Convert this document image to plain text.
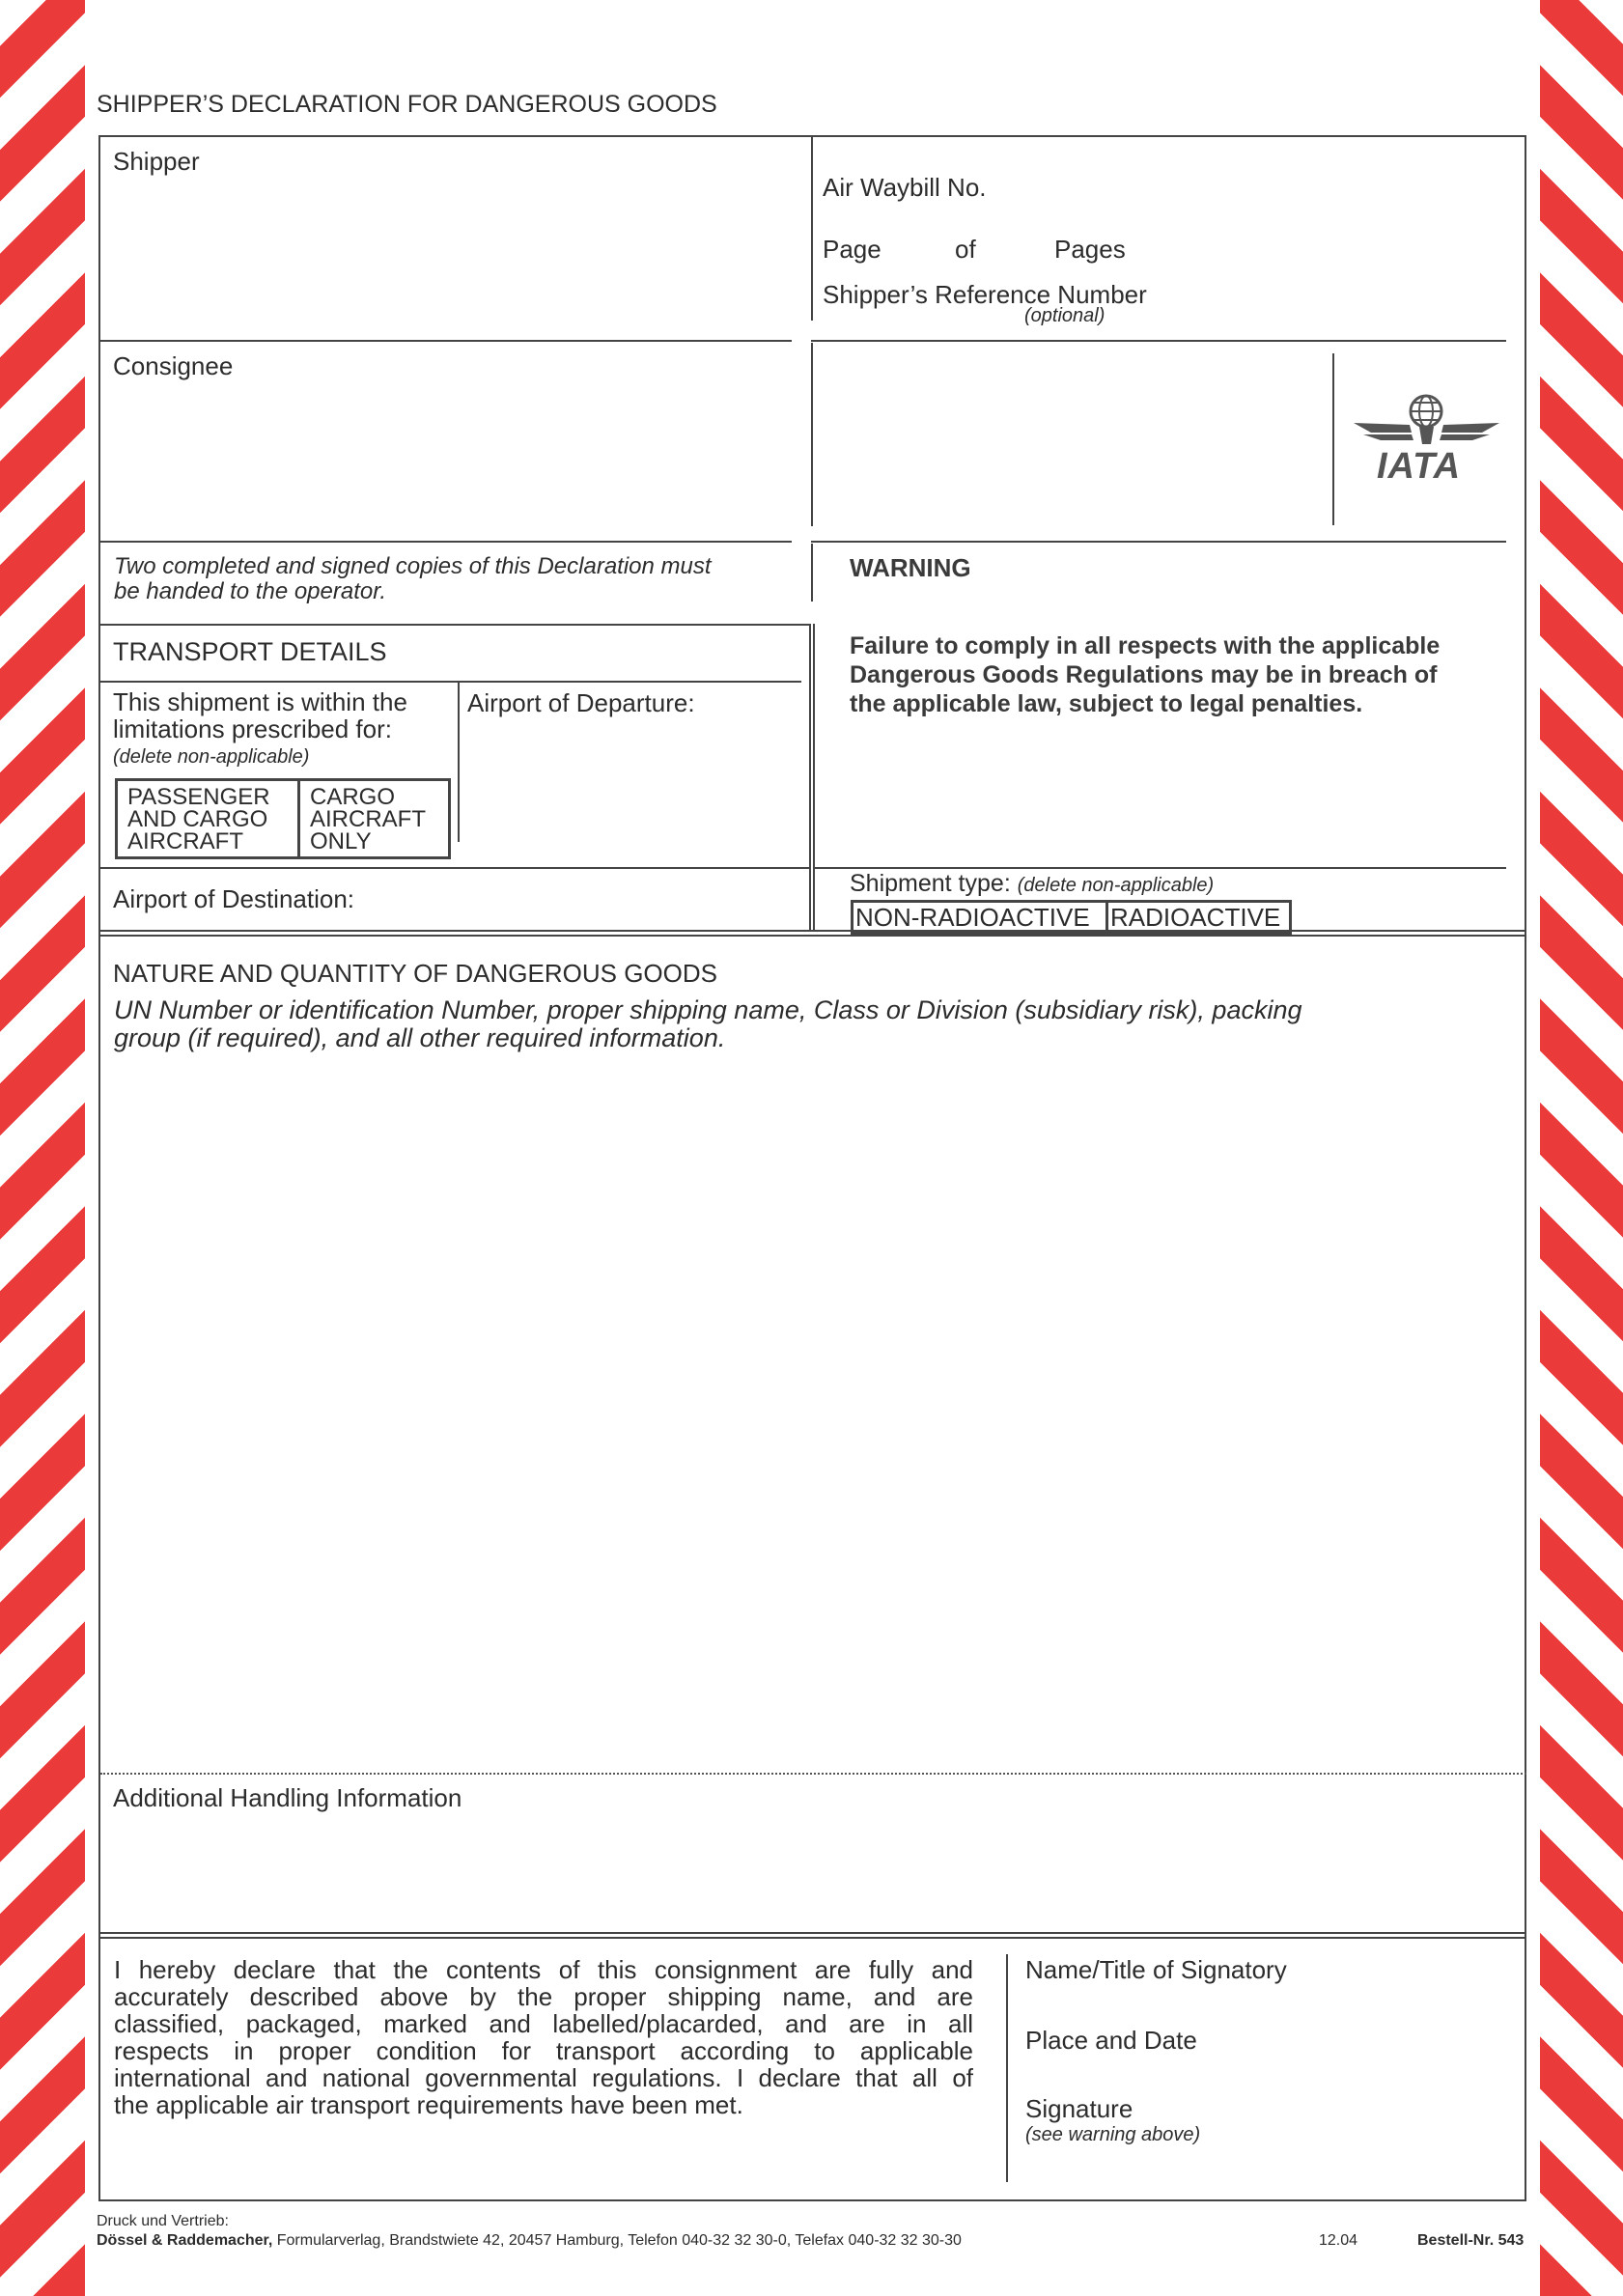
SHIPPER’S DECLARATION FOR DANGEROUS GOODS
Shipper
Air Waybill No.
Page	of	Pages
Shipper’s Reference Number
(optional)
Consignee
IATA
Two completed and signed copies of this Declaration must
be handed to the operator.
WARNING
Failure to comply in all respects with the applicable
Dangerous Goods Regulations may be in breach of
the applicable law, subject to legal penalties.
TRANSPORT DETAILS
This shipment is within the
limitations prescribed for:
(delete non-applicable)
PASSENGER
AND CARGO
AIRCRAFT
CARGO
AIRCRAFT
ONLY
Airport of Departure:
Airport of Destination:
Shipment type: (delete non-applicable)
NON-RADIOACTIVE RADIOACTIVE
NATURE AND QUANTITY OF DANGEROUS GOODS
UN Number or identification Number, proper shipping name, Class or Division (subsidiary risk), packing
group (if required), and all other required information.
Additional Handling Information
I hereby declare that the contents of this consignment are fully and
accurately described above by the proper shipping name, and are
classified, packaged, marked and labelled/placarded, and are in all
respects in proper condition for transport according to applicable
international and national governmental regulations. I declare that all of
the applicable air transport requirements have been met.
Name/Title of Signatory
Place and Date
Signature
(see warning above)
Druck und Vertrieb:
Dössel & Raddemacher, Formularverlag, Brandstwiete 42, 20457 Hamburg, Telefon 040-32 32 30-0, Telefax 040-32 32 30-30	12.04	Bestell-Nr. 543
